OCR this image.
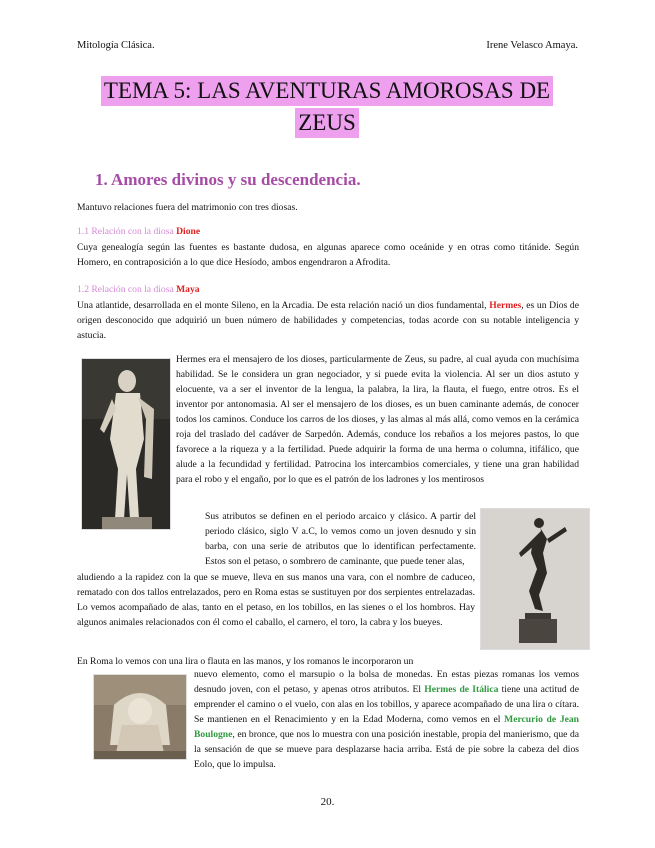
Mitología Clásica.	Irene Velasco Amaya.
TEMA 5: LAS AVENTURAS AMOROSAS DE
ZEUS
1. Amores divinos y su descendencia.

Mantuvo relaciones fuera del matrimonio con tres diosas.

1.1 Relación con la diosa Dione

Cuya genealogía según las fuentes es bastante dudosa, en algunas aparece como oceánide y en otras como titánide. Según Homero, en contraposición a lo que dice Hesíodo, ambos engendraron a Afrodita.

1.2 Relación con la diosa Maya

Una atlantide, desarrollada en el monte Sileno, en la Arcadia. De esta relación nació un dios fundamental, Hermes, es un Dios de origen desconocido que adquirió un buen número de habilidades y competencias, todas acorde con su notable inteligencia y astucia.

Hermes era el mensajero de los dioses, particularmente de Zeus, su padre, al cual ayuda con muchísima habilidad. Se le considera un gran negociador, y si puede evita la violencia. Al ser un dios astuto y elocuente, va a ser el inventor de la lengua, la palabra, la lira, la flauta, el fuego, entre otros. Es el inventor por antonomasia. Al ser el mensajero de los dioses, es un buen caminante además, de conocer todos los caminos. Conduce los carros de los dioses, y las almas al más allá, como vemos en la cerámica roja del traslado del cadáver de Sarpedón. Además, conduce los rebaños a los mejores pastos, lo que favorece a la riqueza y a la fertilidad. Puede adquirir la forma de una herma o columna, itifálico, que alude a la fecundidad y fertilidad. Patrocina los intercambios comerciales, y tiene una gran habilidad para el robo y el engaño, por lo que es el patrón de los ladrones y los mentirosos

Sus atributos se definen en el periodo arcaico y clásico. A partir del periodo clásico, siglo V a.C, lo vemos como un joven desnudo y sin barba, con una serie de atributos que lo identifican perfectamente. Estos son el petaso, o sombrero de caminante, que puede tener alas,

aludiendo a la rapidez con la que se mueve, lleva en sus manos una vara, con el nombre de caduceo, rematado con dos tallos entrelazados, pero en Roma estas se sustituyen por dos serpientes entrelazadas. Lo vemos acompañado de alas, tanto en el petaso, en los tobillos, en las sienes o el los hombros. Hay algunos animales relacionados con él como el caballo, el carnero, el toro, la cabra y los bueyes.

En Roma lo vemos con una lira o flauta en las manos, y los romanos le incorporaron un

nuevo elemento, como el marsupio o la bolsa de monedas. En estas piezas romanas los vemos desnudo joven, con el petaso, y apenas otros atributos. El Hermes de Itálica tiene una actitud de emprender el camino o el vuelo, con alas en los tobillos, y aparece acompañado de una lira o cítara. Se mantienen en el Renacimiento y en la Edad Moderna, como vemos en el Mercurio de Jean Boulogne, en bronce, que nos lo muestra con una posición inestable, propia del manierismo, que da la sensación de que se mueve para desplazarse hacia arriba. Está de pie sobre la cabeza del dios Eolo, que lo impulsa.

20.
